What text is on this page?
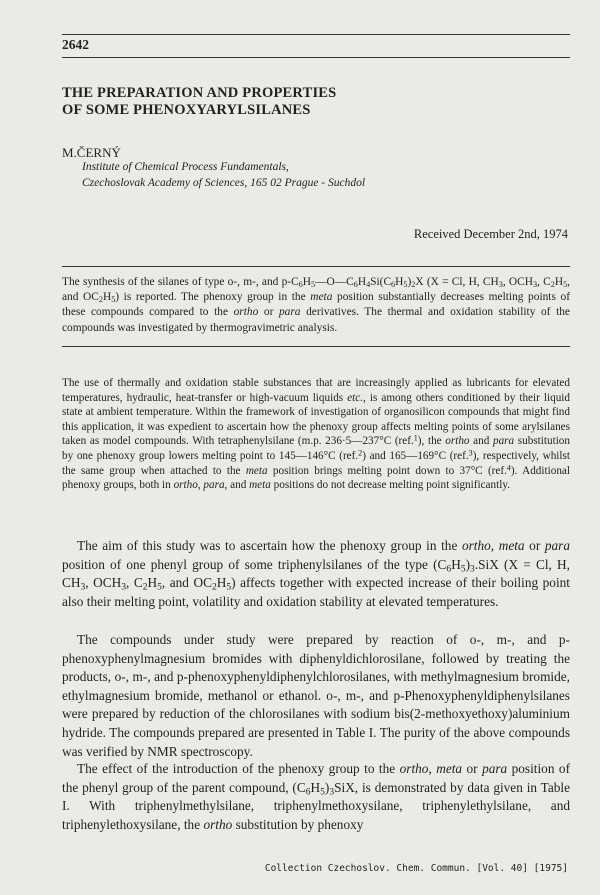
2642
THE PREPARATION AND PROPERTIES
OF SOME PHENOXYARYLSILANES
M.ČERNÝ
Institute of Chemical Process Fundamentals,
Czechoslovak Academy of Sciences, 165 02 Prague - Suchdol
Received December 2nd, 1974
The synthesis of the silanes of type o-, m-, and $p-C_6H_5—O—C_6H_4Si(C_6H_5)_2X$ (X = Cl, H, $CH_3$, $OCH_3$, $C_2H_5$, and $OC_2H_5$) is reported. The phenoxy group in the meta position substantially decreases melting points of these compounds compared to the ortho or para derivatives. The thermal and oxidation stability of the compounds was investigated by thermogravimetric analysis.
The use of thermally and oxidation stable substances that are increasingly applied as lubricants for elevated temperatures, hydraulic, heat-transfer or high-vacuum liquids etc., is among others conditioned by their liquid state at ambient temperature. Within the framework of investigation of organosilicon compounds that might find this application, it was expedient to ascertain how the phenoxy group affects melting points of some arylsilanes taken as model compounds. With tetraphenylsilane (m.p. 236·5—237°C (ref.$^1$), the ortho and para substitution by one phenoxy group lowers melting point to 145—146°C (ref.$^2$) and 165—169°C (ref.$^3$), respectively, whilst the same group when attached to the meta position brings melting point down to 37°C (ref.$^4$). Additional phenoxy groups, both in ortho, para, and meta positions do not decrease melting point significantly.
The aim of this study was to ascertain how the phenoxy group in the ortho, meta or para position of one phenyl group of some triphenylsilanes of the type $(C_6H_5)_3.SiX$ (X = Cl, H, $CH_3$, $OCH_3$, $C_2H_5$, and $OC_2H_5$) affects together with expected increase of their boiling point also their melting point, volatility and oxidation stability at elevated temperatures.
The compounds under study were prepared by reaction of o-, m-, and p-phenoxyphenylmagnesium bromides with diphenyldichlorosilane, followed by treating the products, o-, m-, and p-phenoxyphenyldiphenylchlorosilanes, with methylmagnesium bromide, ethylmagnesium bromide, methanol or ethanol. o-, m-, and p-Phenoxyphenyldiphenylsilanes were prepared by reduction of the chlorosilanes with sodium bis(2-methoxyethoxy)aluminium hydride. The compounds prepared are presented in Table I. The purity of the above compounds was verified by NMR spectroscopy.
The effect of the introduction of the phenoxy group to the ortho, meta or para position of the phenyl group of the parent compound, $(C_6H_5)_3SiX$, is demonstrated by data given in Table I. With triphenylmethylsilane, triphenylmethoxysilane, triphenylethylsilane, and triphenylethoxysilane, the ortho substitution by phenoxy
Collection Czechoslov. Chem. Commun. [Vol. 40] [1975]
